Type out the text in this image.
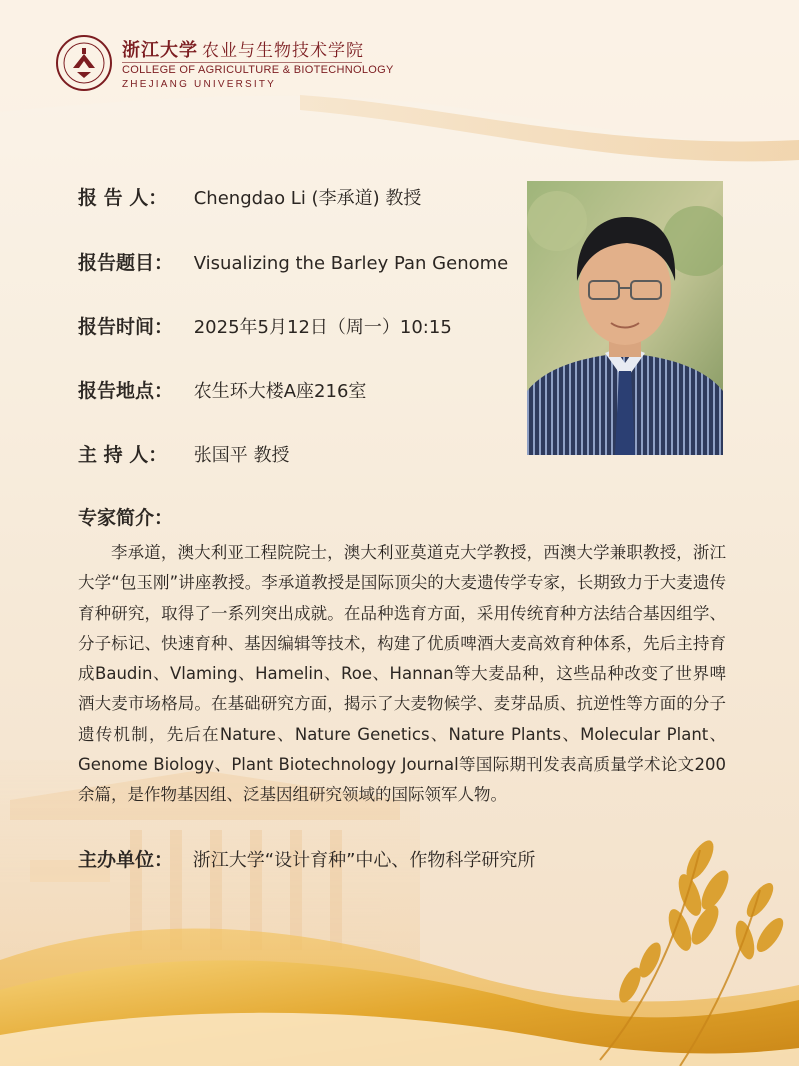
浙江大学 农业与生物技术学院
COLLEGE OF AGRICULTURE & BIOTECHNOLOGY
ZHEJIANG UNIVERSITY
报 告 人： Chengdao Li (李承道) 教授
报告题目： Visualizing the Barley Pan Genome
报告时间： 2025年5月12日（周一）10:15
报告地点： 农生环大楼A座216室
主 持 人： 张国平 教授
专家简介：

李承道，澳大利亚工程院院士，澳大利亚莫道克大学教授，西澳大学兼职教授，浙江大学“包玉刚”讲座教授。李承道教授是国际顶尖的大麦遗传学专家，长期致力于大麦遗传育种研究，取得了一系列突出成就。在品种选育方面，采用传统育种方法结合基因组学、分子标记、快速育种、基因编辑等技术，构建了优质啤酒大麦高效育种体系，先后主持育成Baudin、Vlaming、Hamelin、Roe、Hannan等大麦品种，这些品种改变了世界啤酒大麦市场格局。在基础研究方面，揭示了大麦物候学、麦芽品质、抗逆性等方面的分子遗传机制，先后在Nature、Nature Genetics、Nature Plants、Molecular Plant、Genome Biology、Plant Biotechnology Journal等国际期刊发表高质量学术论文200余篇，是作物基因组、泛基因组研究领域的国际领军人物。

主办单位： 浙江大学“设计育种”中心、作物科学研究所
